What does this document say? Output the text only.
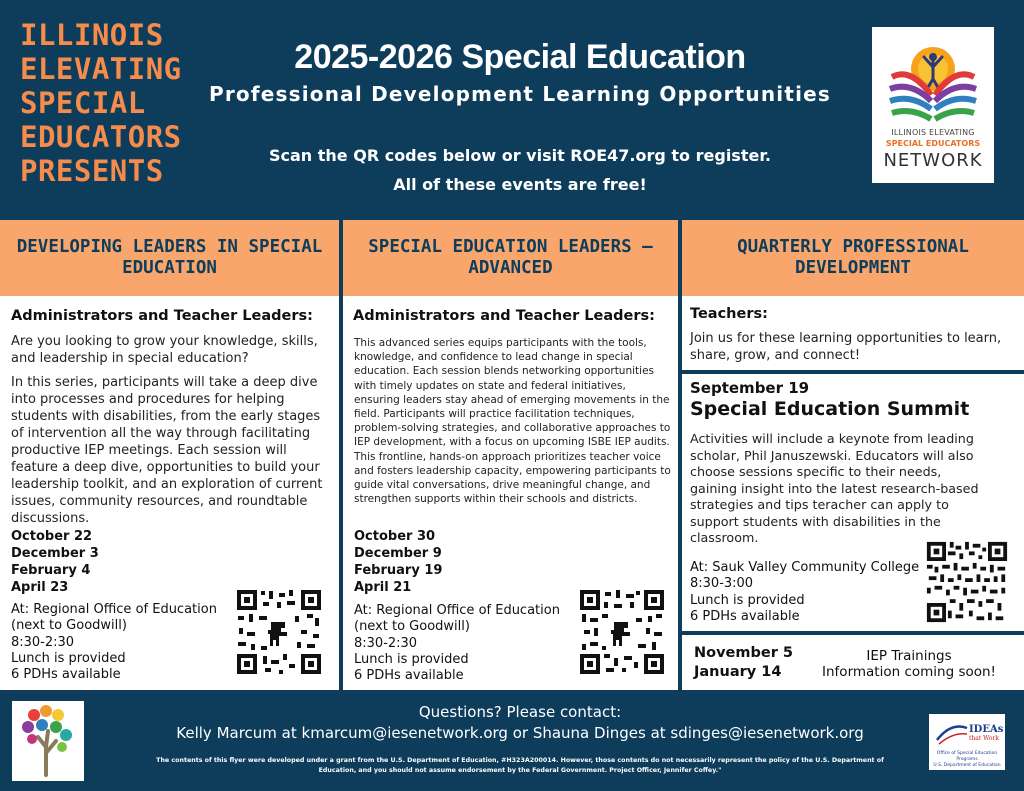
ILLINOIS
ELEVATING
SPECIAL
EDUCATORS
PRESENTS
2025-2026 Special Education
Professional Development Learning Opportunities
Scan the QR codes below or visit ROE47.org to register.
All of these events are free!
ILLINOIS ELEVATING
SPECIAL EDUCATORS
NETWORK
DEVELOPING LEADERS IN SPECIAL EDUCATION
Administrators and Teacher Leaders:
Are you looking to grow your knowledge, skills, and leadership in special education?
In this series, participants will take a deep dive into processes and procedures for helping students with disabilities, from the early stages of intervention all the way through facilitating productive IEP meetings. Each session will feature a deep dive, opportunities to build your leadership toolkit, and an exploration of current issues, community resources, and roundtable discussions.
October 22
December 3
February 4
April 23
At: Regional Office of Education
(next to Goodwill)
8:30-2:30
Lunch is provided
6 PDHs available
SPECIAL EDUCATION LEADERS – ADVANCED
Administrators and Teacher Leaders:
This advanced series equips participants with the tools, knowledge, and confidence to lead change in special education. Each session blends networking opportunities with timely updates on state and federal initiatives, ensuring leaders stay ahead of emerging movements in the field. Participants will practice facilitation techniques, problem-solving strategies, and collaborative approaches to IEP development, with a focus on upcoming ISBE IEP audits. This frontline, hands-on approach prioritizes teacher voice and fosters leadership capacity, empowering participants to guide vital conversations, drive meaningful change, and strengthen supports within their schools and districts.
October 30
December 9
February 19
April 21
At: Regional Office of Education
(next to Goodwill)
8:30-2:30
Lunch is provided
6 PDHs available
QUARTERLY PROFESSIONAL DEVELOPMENT
Teachers:
Join us for these learning opportunities to learn, share, grow, and connect!
September 19
Special Education Summit
Activities will include a keynote from leading scholar, Phil Januszewski. Educators will also choose sessions specific to their needs, gaining insight into the latest research-based strategies and tips teracher can apply to support students with disabilities in the classroom.
At: Sauk Valley Community College
8:30-3:00
Lunch is provided
6 PDHs available
November 5
January 14
IEP Trainings
Information coming soon!
Questions? Please contact:
Kelly Marcum at kmarcum@iesenetwork.org or Shauna Dinges at sdinges@iesenetwork.org
The contents of this flyer were developed under a grant from the U.S. Department of Education, #H323A200014. However, those contents do not necessarily represent the policy of the U.S. Department of
Education, and you should not assume endorsement by the Federal Government. Project Officer, Jennifer Coffey."
IDEAs
that Work
Office of Special Education Programs
U.S. Department of Education
